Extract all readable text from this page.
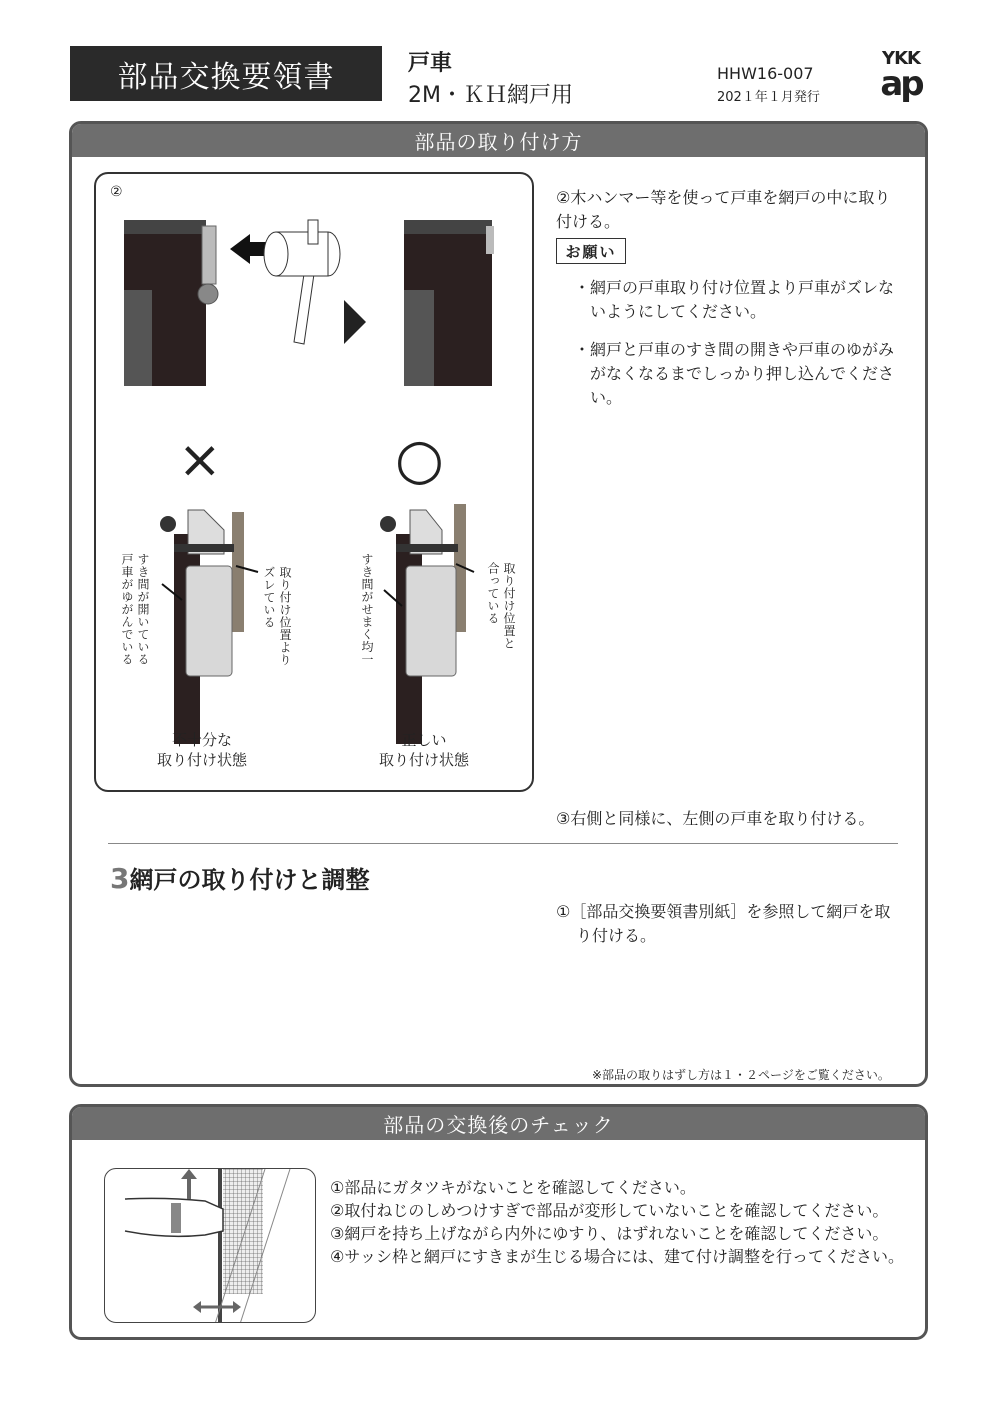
部品交換要領書	戸車
2M・ＫＨ網戸用
HHW16-007
202１年１月発行
YKK
ap
部品の取り付け方
②
×	○
すき間が開いている
戸車がゆがんでいる	取り付け位置より
ズレている	すき間がせまく均一	取り付け位置と
合っている
不十分な
取り付け状態
正しい
取り付け状態
②木ハンマー等を使って戸車を網戸の中に取り付ける。
お願い
・網戸の戸車取り付け位置より戸車がズレないようにしてください。
・網戸と戸車のすき間の開きや戸車のゆがみがなくなるまでしっかり押し込んでください。
③右側と同様に、左側の戸車を取り付ける。
3網戸の取り付けと調整
①［部品交換要領書別紙］を参照して網戸を取り付ける。
※部品の取りはずし方は１・２ページをご覧ください。
部品の交換後のチェック
①部品にガタツキがないことを確認してください。
②取付ねじのしめつけすぎで部品が変形していないことを確認してください。
③網戸を持ち上げながら内外にゆすり、はずれないことを確認してください。
④サッシ枠と網戸にすきまが生じる場合には、建て付け調整を行ってください。
